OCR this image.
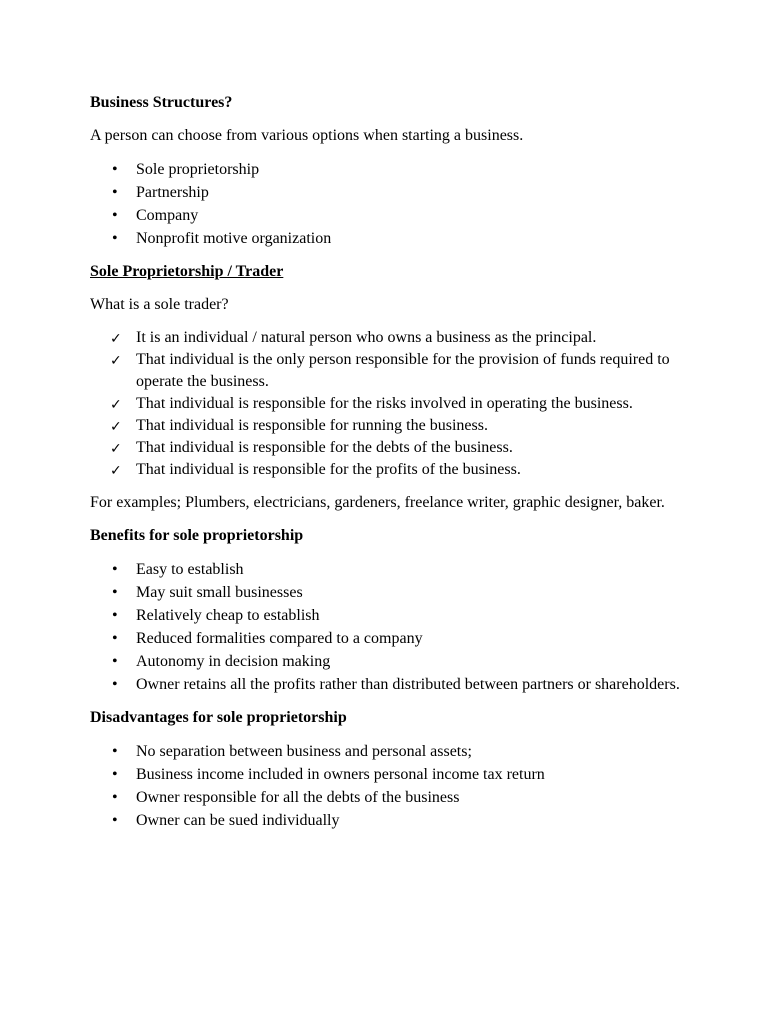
Business Structures?
A person can choose from various options when starting a business.
•	Sole proprietorship
•	Partnership
•	Company
•	Nonprofit motive organization
Sole Proprietorship / Trader
What is a sole trader?
✓ It is an individual / natural person who owns a business as the principal.
✓ That individual is the only person responsible for the provision of funds required to operate the business.
✓ That individual is responsible for the risks involved in operating the business.
✓ That individual is responsible for running the business.
✓ That individual is responsible for the debts of the business.
✓ That individual is responsible for the profits of the business.
For examples; Plumbers, electricians, gardeners, freelance writer, graphic designer, baker.
Benefits for sole proprietorship
•	Easy to establish
•	May suit small businesses
•	Relatively cheap to establish
•	Reduced formalities compared to a company
•	Autonomy in decision making
•	Owner retains all the profits rather than distributed between partners or shareholders.
Disadvantages for sole proprietorship
•	No separation between business and personal assets;
•	Business income included in owners personal income tax return
•	Owner responsible for all the debts of the business
•	Owner can be sued individually
